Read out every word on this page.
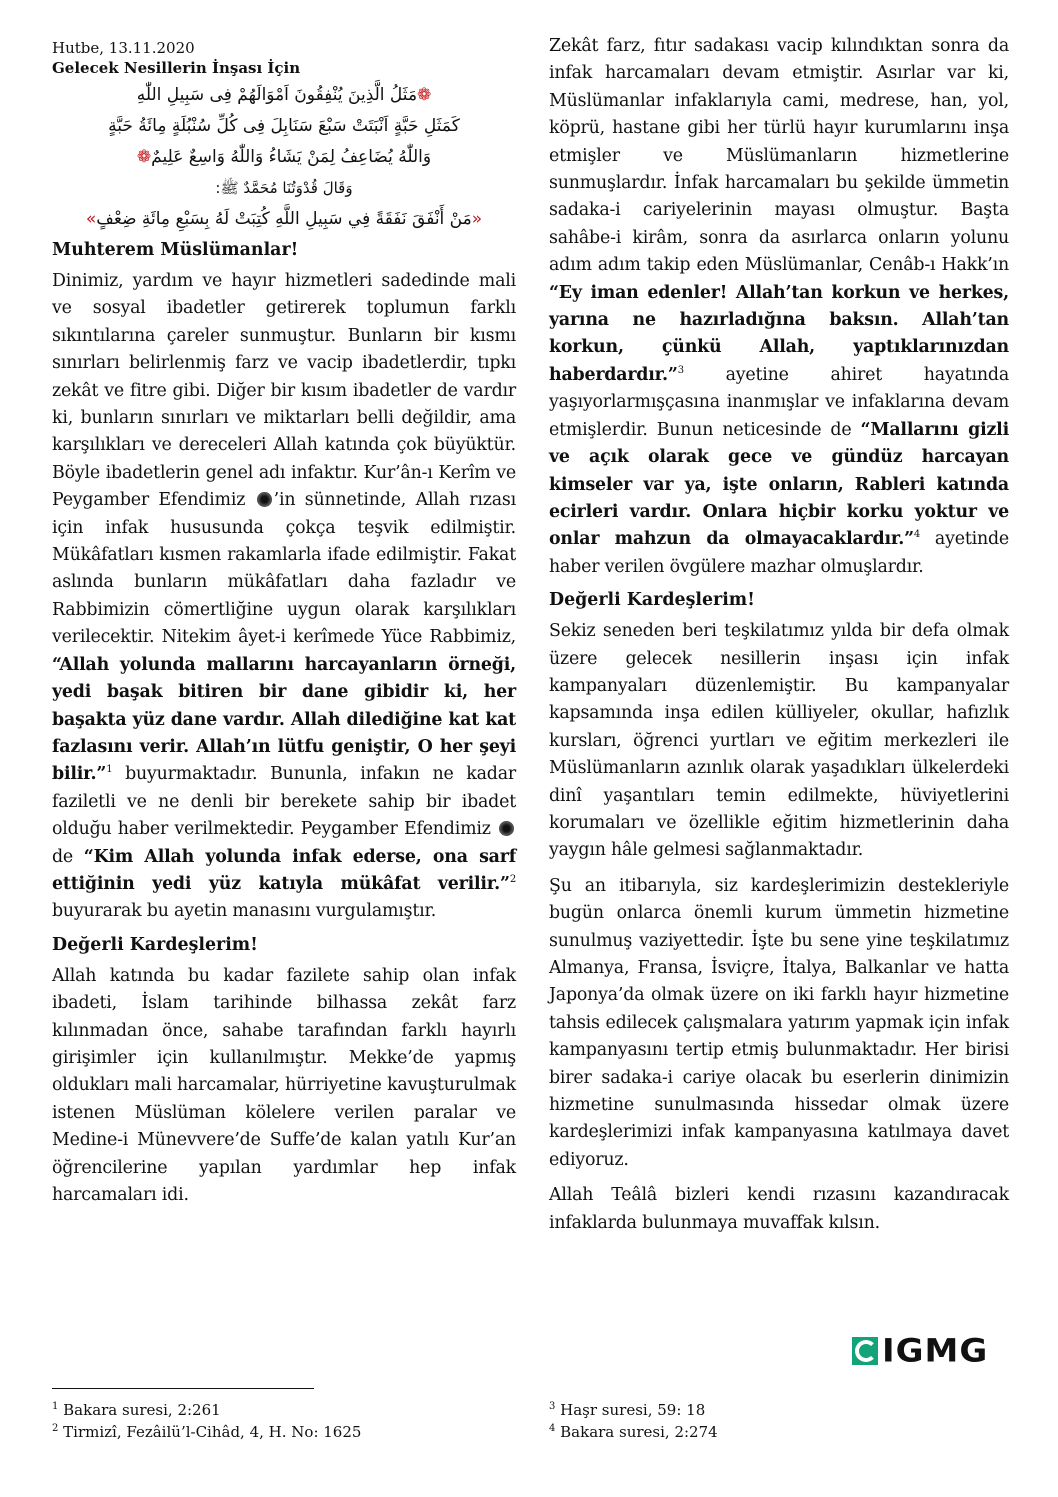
Hutbe, 13.11.2020

Gelecek Nesillerin İnşası İçin

❁مَثَلُ الَّذِينَ يُنْفِقُونَ اَمْوَالَهُمْ فِى سَبِيلِ اللّٰهِ

كَمَثَلِ حَبَّةٍ اَنْبَتَتْ سَبْعَ سَنَابِلَ فِى كُلِّ سُنْبُلَةٍ مِائَةُ حَبَّةٍ

وَاللّٰهُ يُضَاعِفُ لِمَنْ يَشَاءُ وَاللّٰهُ وَاسِعٌ عَلِيمٌ❁

وَقَالَ قُدْوَتُنَا مُحَمَّدٌ ﷺ:

«مَنْ أَنْفَقَ نَفَقَةً فِي سَبِيلِ اللَّهِ كُتِبَتْ لَهُ بِسَبْعِ مِائَةِ ضِعْفٍ»

Muhterem Müslümanlar!

Dinimiz, yardım ve hayır hizmetleri sadedinde mali ve sosyal ibadetler getirerek toplumun farklı sıkıntılarına çareler sunmuştur. Bunların bir kısmı sınırları belirlenmiş farz ve vacip ibadetlerdir, tıpkı zekât ve fitre gibi. Diğer bir kısım ibadetler de vardır ki, bunların sınırları ve miktarları belli değildir, ama karşılıkları ve dereceleri Allah katında çok büyüktür. Böyle ibadetlerin genel adı infaktır. Kur’ân-ı Kerîm ve Peygamber Efendimiz ’in sünnetinde, Allah rızası için infak hususunda çokça teşvik edilmiştir. Mükâfatları kısmen rakamlarla ifade edilmiştir. Fakat aslında bunların mükâfatları daha fazladır ve Rabbimizin cömertliğine uygun olarak karşılıkları verilecektir. Nitekim âyet-i kerîmede Yüce Rabbimiz, “Allah yolunda mallarını harcayanların örneği, yedi başak bitiren bir dane gibidir ki, her başakta yüz dane vardır. Allah dilediğine kat kat fazlasını verir. Allah’ın lütfu geniştir, O her şeyi bilir.”$^1$ buyurmaktadır. Bununla, infakın ne kadar faziletli ve ne denli bir berekete sahip bir ibadet olduğu haber verilmektedir. Peygamber Efendimiz  de “Kim Allah yolunda infak ederse, ona sarf ettiğinin yedi yüz katıyla mükâfat verilir.”$^2$ buyurarak bu ayetin manasını vurgulamıştır.

Değerli Kardeşlerim!

Allah katında bu kadar fazilete sahip olan infak ibadeti, İslam tarihinde bilhassa zekât farz kılınmadan önce, sahabe tarafından farklı hayırlı girişimler için kullanılmıştır. Mekke’de yapmış oldukları mali harcamalar, hürriyetine kavuşturulmak istenen Müslüman kölelere verilen paralar ve Medine-i Münevvere’de Suffe’de kalan yatılı Kur’an öğrencilerine yapılan yardımlar hep infak harcamaları idi.

Zekât farz, fıtır sadakası vacip kılındıktan sonra da infak harcamaları devam etmiştir. Asırlar var ki, Müslümanlar infaklarıyla cami, medrese, han, yol, köprü, hastane gibi her türlü hayır kurumlarını inşa etmişler ve Müslümanların hizmetlerine sunmuşlardır. İnfak harcamaları bu şekilde ümmetin sadaka-i cariyelerinin mayası olmuştur. Başta sahâbe-i kirâm, sonra da asırlarca onların yolunu adım adım takip eden Müslümanlar, Cenâb-ı Hakk’ın “Ey iman edenler! Allah’tan korkun ve herkes, yarına ne hazırladığına baksın. Allah’tan korkun, çünkü Allah, yaptıklarınızdan haberdardır.”$^3$ ayetine ahiret hayatında yaşıyorlarmışçasına inanmışlar ve infaklarına devam etmişlerdir. Bunun neticesinde de “Mallarını gizli ve açık olarak gece ve gündüz harcayan kimseler var ya, işte onların, Rableri katında ecirleri vardır. Onlara hiçbir korku yoktur ve onlar mahzun da olmayacaklardır.”$^4$ ayetinde haber verilen övgülere mazhar olmuşlardır.

Değerli Kardeşlerim!

Sekiz seneden beri teşkilatımız yılda bir defa olmak üzere gelecek nesillerin inşası için infak kampanyaları düzenlemiştir. Bu kampanyalar kapsamında inşa edilen külliyeler, okullar, hafızlık kursları, öğrenci yurtları ve eğitim merkezleri ile Müslümanların azınlık olarak yaşadıkları ülkelerdeki dinî yaşantıları temin edilmekte, hüviyetlerini korumaları ve özellikle eğitim hizmetlerinin daha yaygın hâle gelmesi sağlanmaktadır.

Şu an itibarıyla, siz kardeşlerimizin destekleriyle bugün onlarca önemli kurum ümmetin hizmetine sunulmuş vaziyettedir. İşte bu sene yine teşkilatımız Almanya, Fransa, İsviçre, İtalya, Balkanlar ve hatta Japonya’da olmak üzere on iki farklı hayır hizmetine tahsis edilecek çalışmalara yatırım yapmak için infak kampanyasını tertip etmiş bulunmaktadır. Her birisi birer sadaka-i cariye olacak bu eserlerin dinimizin hizmetine sunulmasında hissedar olmak üzere kardeşlerimizi infak kampanyasına katılmaya davet ediyoruz.

Allah Teâlâ bizleri kendi rızasını kazandıracak infaklarda bulunmaya muvaffak kılsın.

IGMG
$^1$ Bakara suresi, 2:261
$^2$ Tirmizî, Fezâilü’l-Cihâd, 4, H. No: 1625
$^3$ Haşr suresi, 59: 18
$^4$ Bakara suresi, 2:274
